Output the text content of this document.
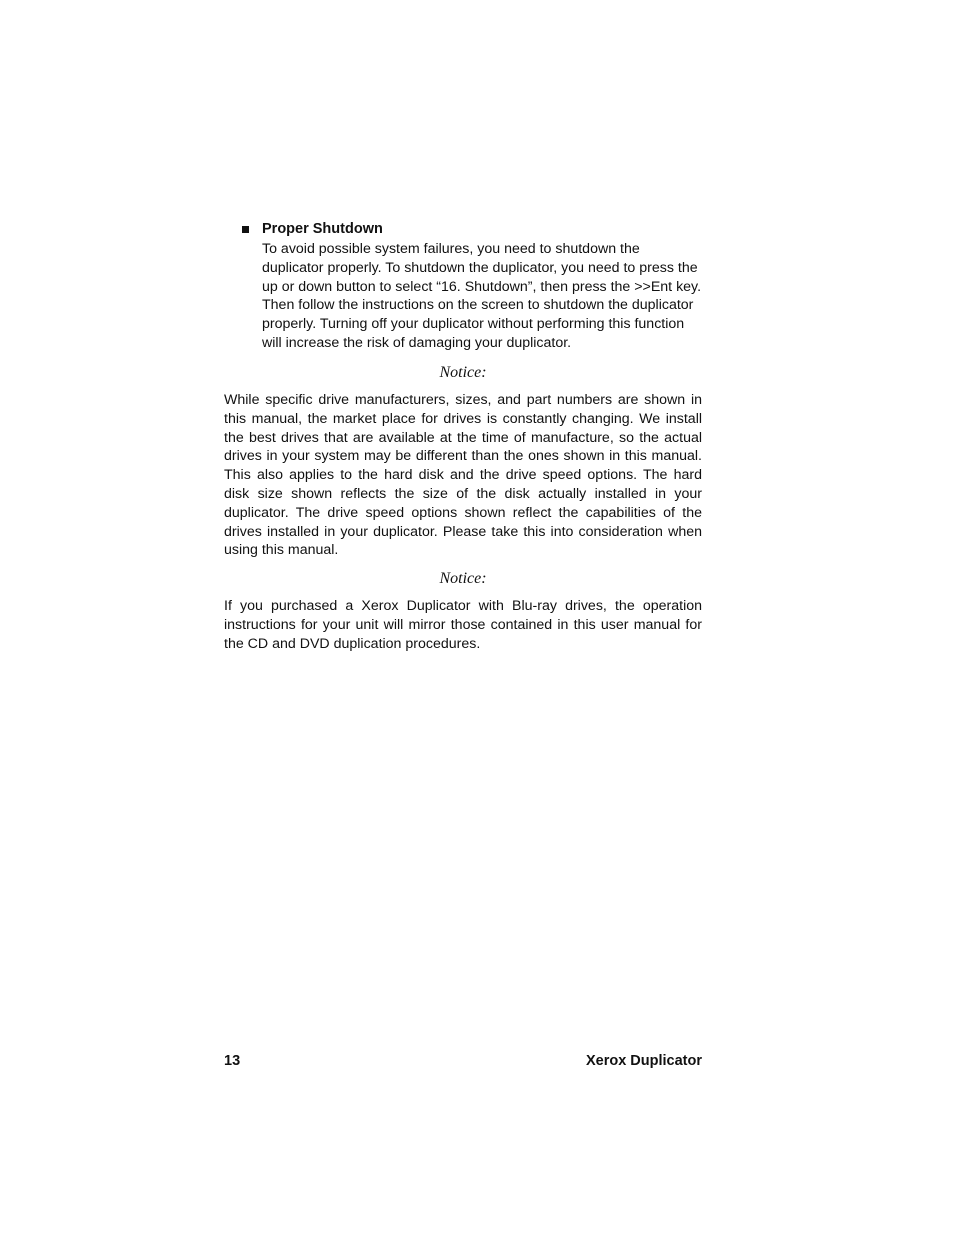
Proper Shutdown

To avoid possible system failures, you need to shutdown the duplicator properly. To shutdown the duplicator, you need to press the up or down button to select “16. Shutdown”, then press the >>Ent key. Then follow the instructions on the screen to shutdown the duplicator properly. Turning off your duplicator without performing this function will increase the risk of damaging your duplicator.

Notice:

While specific drive manufacturers, sizes, and part numbers are shown in this manual, the market place for drives is constantly changing. We install the best drives that are available at the time of manufacture, so the actual drives in your system may be different than the ones shown in this manual. This also applies to the hard disk and the drive speed options. The hard disk size shown reflects the size of the disk actually installed in your duplicator. The drive speed options shown reflect the capabilities of the drives installed in your duplicator. Please take this into consideration when using this manual.

Notice:

If you purchased a Xerox Duplicator with Blu-ray drives, the operation instructions for your unit will mirror those contained in this user manual for the CD and DVD duplication procedures.

13	Xerox Duplicator
